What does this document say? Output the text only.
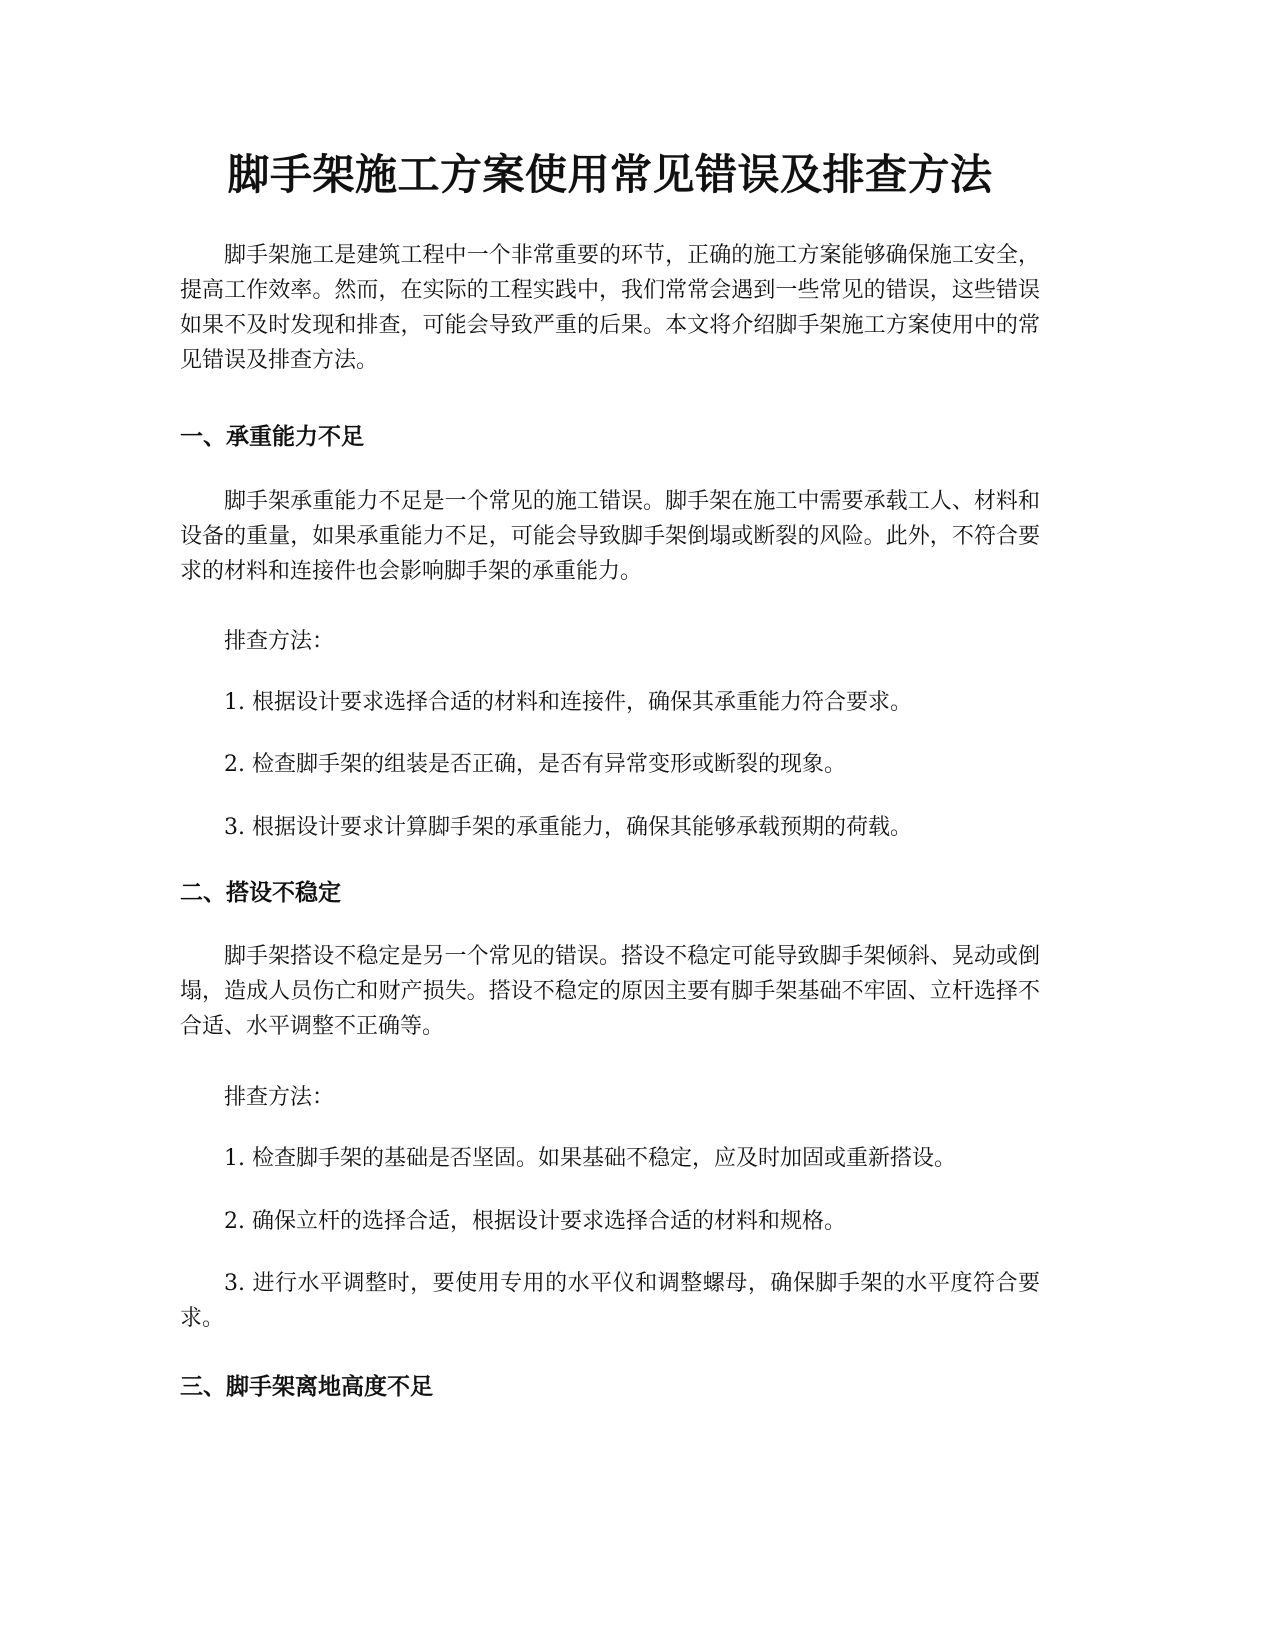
脚手架施工方案使用常见错误及排查方法

脚手架施工是建筑工程中一个非常重要的环节，正确的施工方案能够确保施工安全，提高工作效率。然而，在实际的工程实践中，我们常常会遇到一些常见的错误，这些错误如果不及时发现和排查，可能会导致严重的后果。本文将介绍脚手架施工方案使用中的常见错误及排查方法。

一、承重能力不足

脚手架承重能力不足是一个常见的施工错误。脚手架在施工中需要承载工人、材料和设备的重量，如果承重能力不足，可能会导致脚手架倒塌或断裂的风险。此外，不符合要求的材料和连接件也会影响脚手架的承重能力。

排查方法：

1. 根据设计要求选择合适的材料和连接件，确保其承重能力符合要求。

2. 检查脚手架的组装是否正确，是否有异常变形或断裂的现象。

3. 根据设计要求计算脚手架的承重能力，确保其能够承载预期的荷载。

二、搭设不稳定

脚手架搭设不稳定是另一个常见的错误。搭设不稳定可能导致脚手架倾斜、晃动或倒塌，造成人员伤亡和财产损失。搭设不稳定的原因主要有脚手架基础不牢固、立杆选择不合适、水平调整不正确等。

排查方法：

1. 检查脚手架的基础是否坚固。如果基础不稳定，应及时加固或重新搭设。

2. 确保立杆的选择合适，根据设计要求选择合适的材料和规格。

3. 进行水平调整时，要使用专用的水平仪和调整螺母，确保脚手架的水平度符合要求。

三、脚手架离地高度不足
